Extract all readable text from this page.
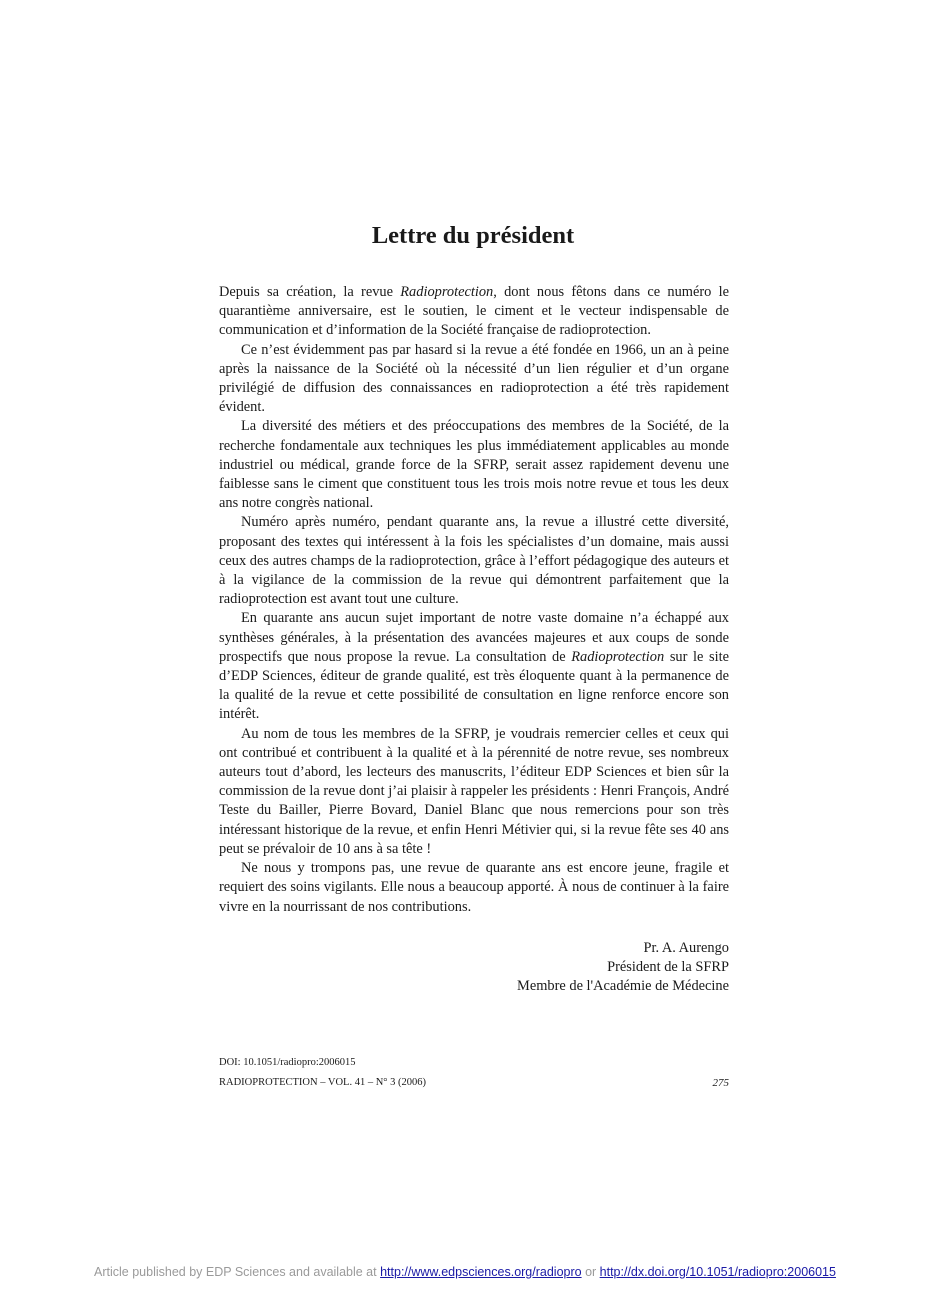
Lettre du président

Depuis sa création, la revue Radioprotection, dont nous fêtons dans ce numéro le quarantième anniversaire, est le soutien, le ciment et le vecteur indispensable de communication et d’information de la Société française de radioprotection.

Ce n’est évidemment pas par hasard si la revue a été fondée en 1966, un an à peine après la naissance de la Société où la nécessité d’un lien régulier et d’un organe privilégié de diffusion des connaissances en radioprotection a été très rapidement évident.

La diversité des métiers et des préoccupations des membres de la Société, de la recherche fondamentale aux techniques les plus immédiatement applicables au monde industriel ou médical, grande force de la SFRP, serait assez rapidement devenu une faiblesse sans le ciment que constituent tous les trois mois notre revue et tous les deux ans notre congrès national.

Numéro après numéro, pendant quarante ans, la revue a illustré cette diversité, proposant des textes qui intéressent à la fois les spécialistes d’un domaine, mais aussi ceux des autres champs de la radioprotection, grâce à l’effort pédagogique des auteurs et à la vigilance de la commission de la revue qui démontrent parfaitement que la radioprotection est avant tout une culture.

En quarante ans aucun sujet important de notre vaste domaine n’a échappé aux synthèses générales, à la présentation des avancées majeures et aux coups de sonde prospectifs que nous propose la revue. La consultation de Radioprotection sur le site d’EDP Sciences, éditeur de grande qualité, est très éloquente quant à la permanence de la qualité de la revue et cette possibilité de consultation en ligne renforce encore son intérêt.

Au nom de tous les membres de la SFRP, je voudrais remercier celles et ceux qui ont contribué et contribuent à la qualité et à la pérennité de notre revue, ses nombreux auteurs tout d’abord, les lecteurs des manuscrits, l’éditeur EDP Sciences et bien sûr la commission de la revue dont j’ai plaisir à rappeler les présidents : Henri François, André Teste du Bailler, Pierre Bovard, Daniel Blanc que nous remercions pour son très intéressant historique de la revue, et enfin Henri Métivier qui, si la revue fête ses 40 ans peut se prévaloir de 10 ans à sa tête !

Ne nous y trompons pas, une revue de quarante ans est encore jeune, fragile et requiert des soins vigilants. Elle nous a beaucoup apporté. À nous de continuer à la faire vivre en la nourrissant de nos contributions.

Pr. A. Aurengo
Président de la SFRP
Membre de l'Académie de Médecine
DOI: 10.1051/radiopro:2006015
RADIOPROTECTION – VOL. 41 – N° 3 (2006)	275
Article published by EDP Sciences and available at http://www.edpsciences.org/radiopro or http://dx.doi.org/10.1051/radiopro:2006015
